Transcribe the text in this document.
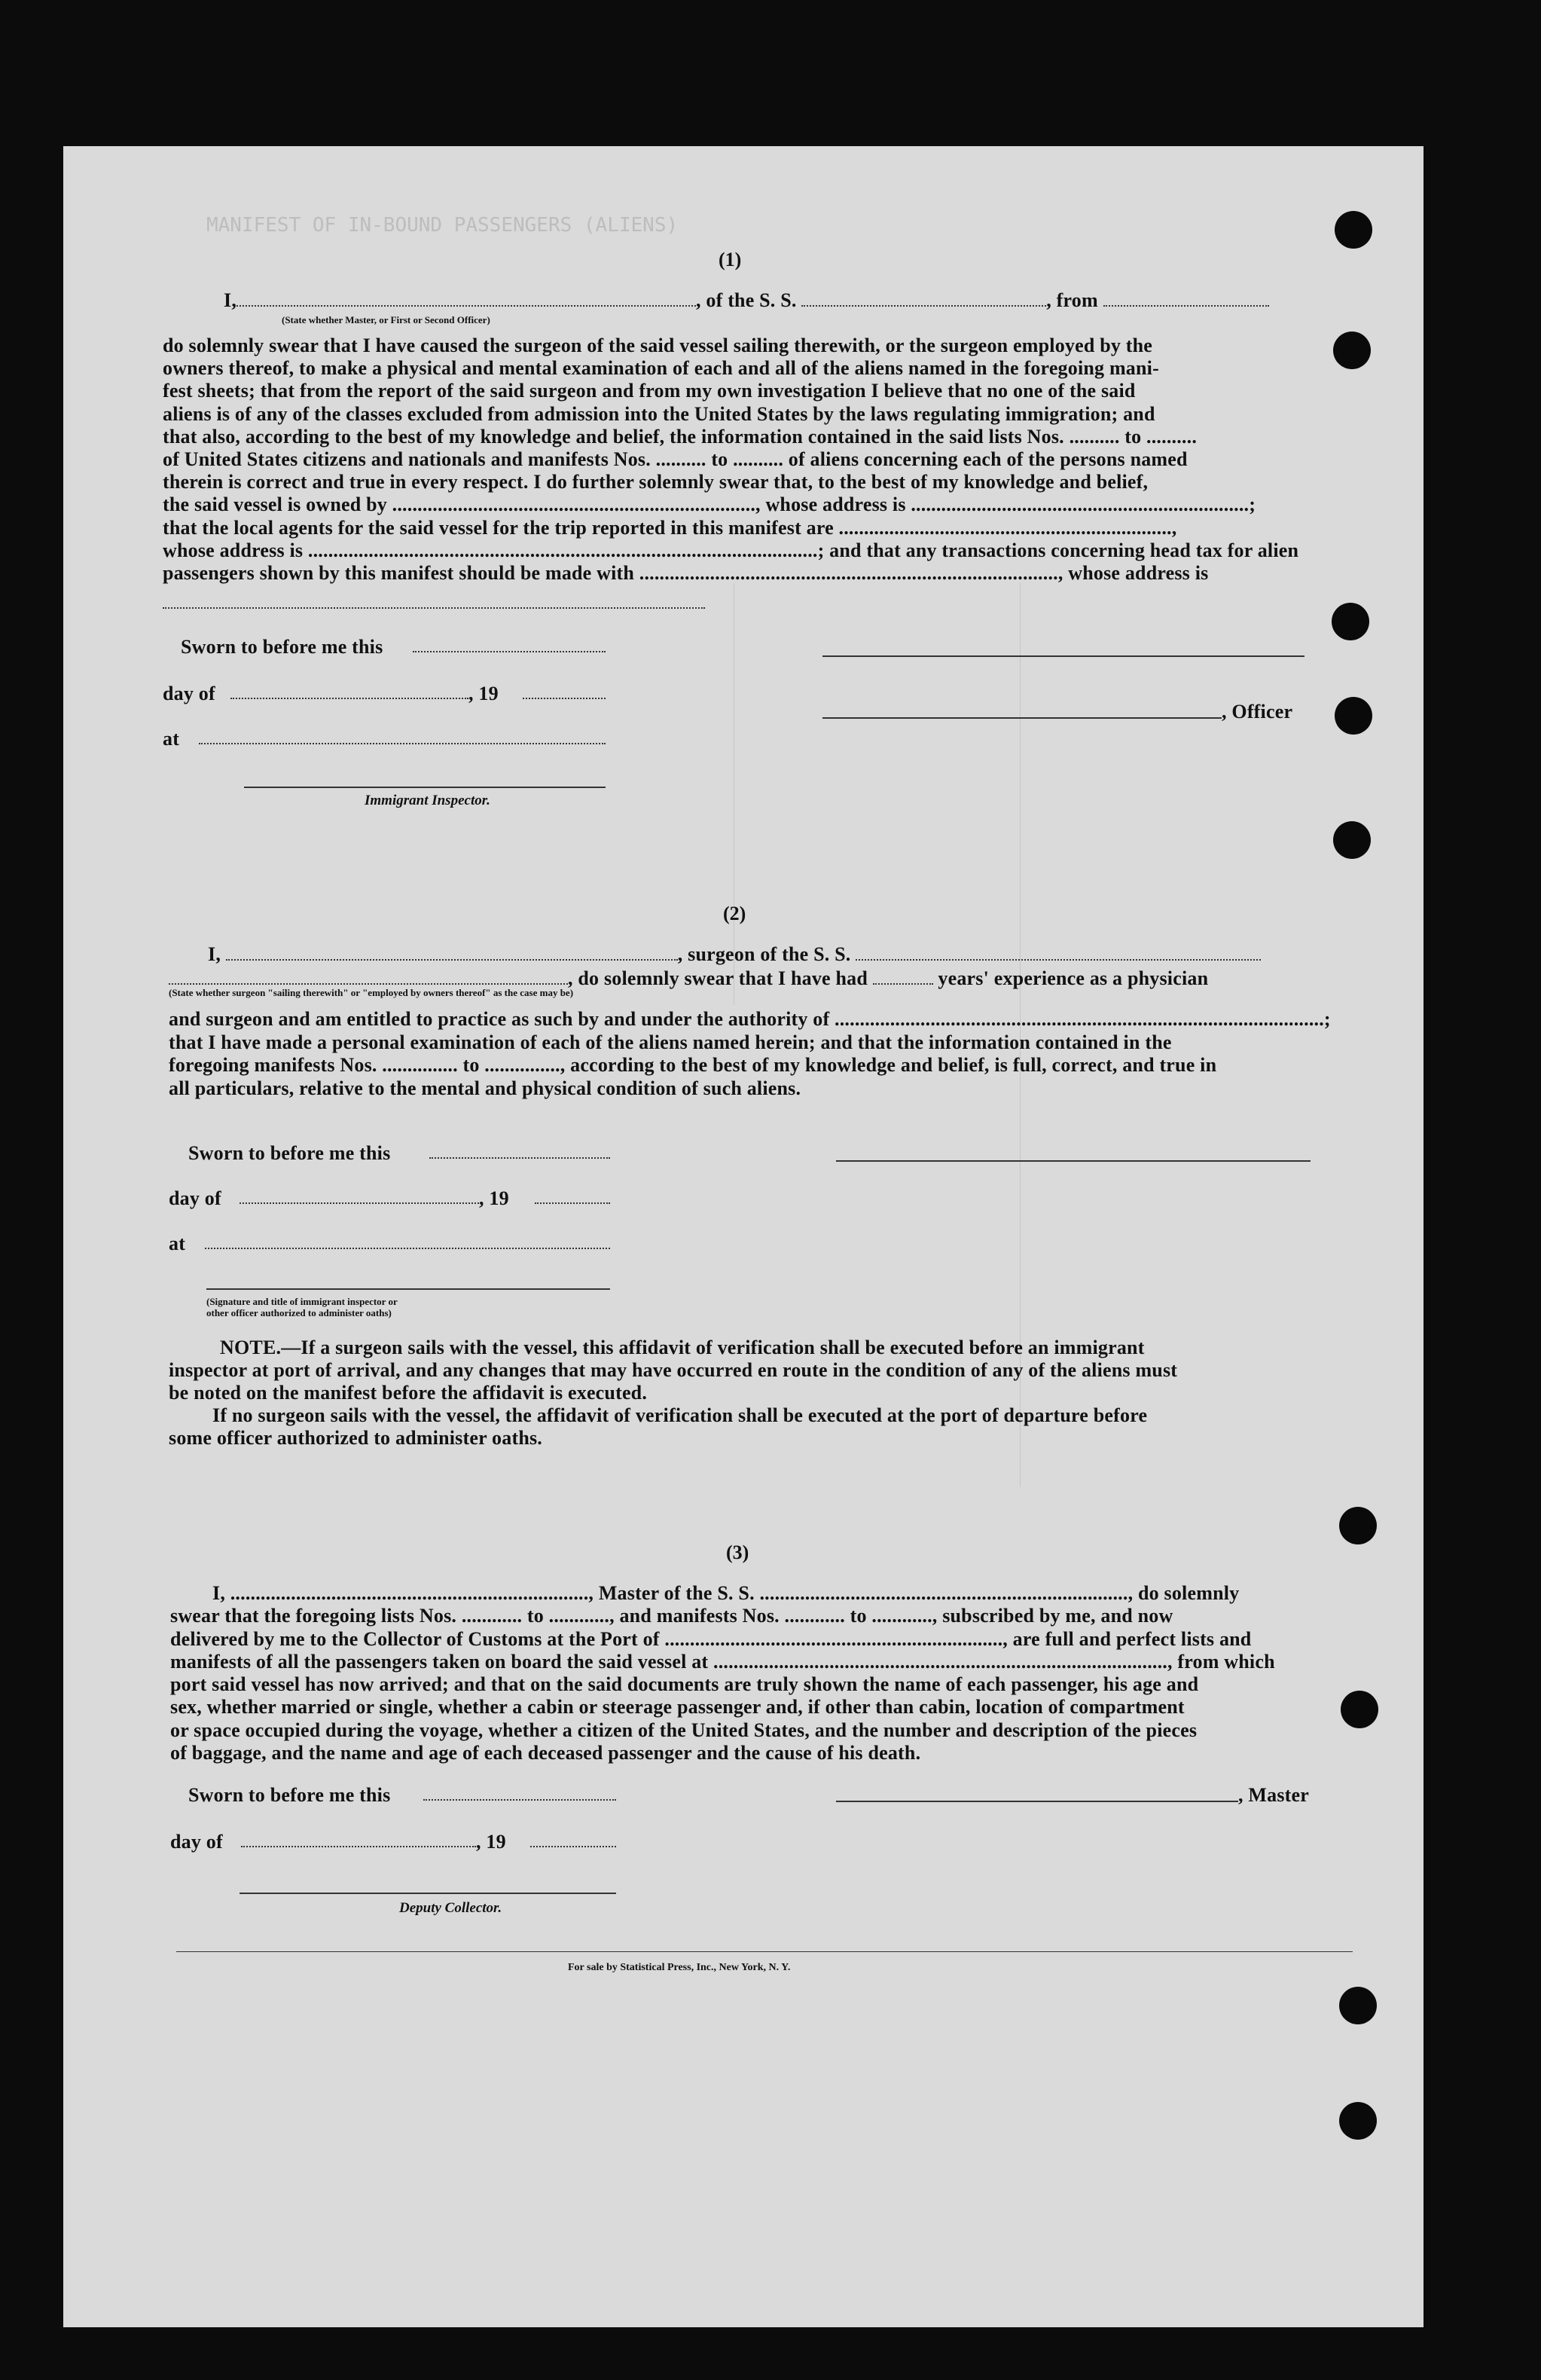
MANIFEST OF IN-BOUND PASSENGERS (ALIENS)
(1)
I,	, of the S. S.	, from
(State whether Master, or First or Second Officer)
do solemnly swear that I have caused the surgeon of the said vessel sailing therewith, or the surgeon employed by the
owners thereof, to make a physical and mental examination of each and all of the aliens named in the foregoing mani-
fest sheets; that from the report of the said surgeon and from my own investigation I believe that no one of the said
aliens is of any of the classes excluded from admission into the United States by the laws regulating immigration; and
that also, according to the best of my knowledge and belief, the information contained in the said lists Nos. .......... to ..........
of United States citizens and nationals and manifests Nos. .......... to .......... of aliens concerning each of the persons named
therein is correct and true in every respect. I do further solemnly swear that, to the best of my knowledge and belief,
the said vessel is owned by ........................................................................, whose address is ...................................................................;
that the local agents for the said vessel for the trip reported in this manifest are ..................................................................,
whose address is .....................................................................................................; and that any transactions concerning head tax for alien
passengers shown by this manifest should be made with ..................................................................................., whose address is
Sworn to before me this
day of	, 19
at
Immigrant Inspector.
, Officer
(2)
I,	, surgeon of the S. S.
, do solemnly swear that I have had	years' experience as a physician
(State whether surgeon "sailing therewith" or "employed by owners thereof" as the case may be)
and surgeon and am entitled to practice as such by and under the authority of .................................................................................................;
that I have made a personal examination of each of the aliens named herein; and that the information contained in the
foregoing manifests Nos. ............... to ..............., according to the best of my knowledge and belief, is full, correct, and true in
all particulars, relative to the mental and physical condition of such aliens.
Sworn to before me this
day of	, 19
at
(Signature and title of immigrant inspector or
other officer authorized to administer oaths)
NOTE.—If a surgeon sails with the vessel, this affidavit of verification shall be executed before an immigrant
inspector at port of arrival, and any changes that may have occurred en route in the condition of any of the aliens must
be noted on the manifest before the affidavit is executed.
If no surgeon sails with the vessel, the affidavit of verification shall be executed at the port of departure before
some officer authorized to administer oaths.
(3)
I, ......................................................................., Master of the S. S. ........................................................................., do solemnly
swear that the foregoing lists Nos. ............ to ............, and manifests Nos. ............ to ............, subscribed by me, and now
delivered by me to the Collector of Customs at the Port of ..................................................................., are full and perfect lists and
manifests of all the passengers taken on board the said vessel at .........................................................................................., from which
port said vessel has now arrived; and that on the said documents are truly shown the name of each passenger, his age and
sex, whether married or single, whether a cabin or steerage passenger and, if other than cabin, location of compartment
or space occupied during the voyage, whether a citizen of the United States, and the number and description of the pieces
of baggage, and the name and age of each deceased passenger and the cause of his death.
Sworn to before me this	, Master
day of	, 19
Deputy Collector.
For sale by Statistical Press, Inc., New York, N. Y.
